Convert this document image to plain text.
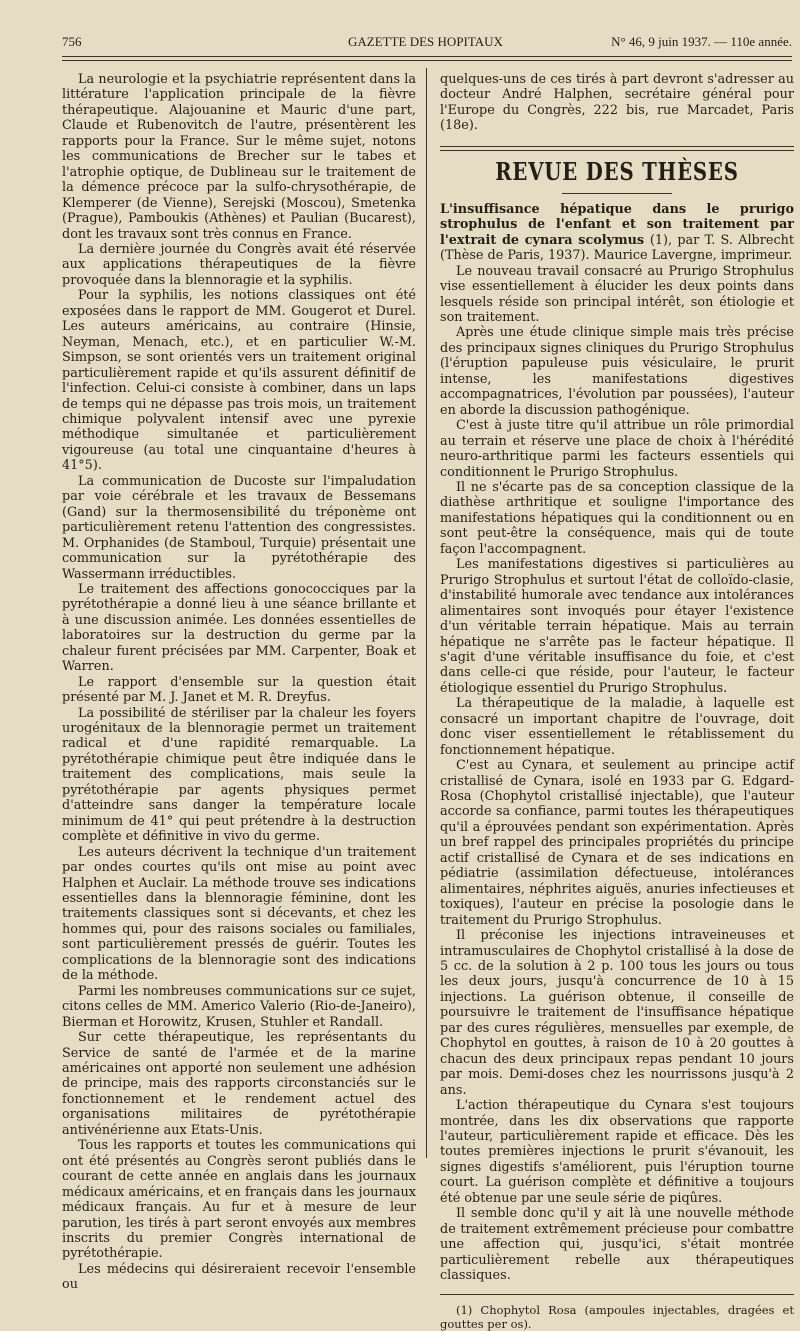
756	GAZETTE DES HOPITAUX	N° 46, 9 juin 1937. — 110e année.

La neurologie et la psychiatrie représentent dans la littérature l'application principale de la fièvre thérapeutique. Alajouanine et Mauric d'une part, Claude et Rubenovitch de l'autre, présentèrent les rapports pour la France. Sur le même sujet, notons les communications de Brecher sur le tabes et l'atrophie optique, de Dublineau sur le traitement de la démence précoce par la sulfo-chrysothérapie, de Klemperer (de Vienne), Serejski (Moscou), Smetenka (Prague), Pamboukis (Athènes) et Paulian (Bucarest), dont les travaux sont très connus en France.

La dernière journée du Congrès avait été réservée aux applications thérapeutiques de la fièvre provoquée dans la blennoragie et la syphilis.

Pour la syphilis, les notions classiques ont été exposées dans le rapport de MM. Gougerot et Durel. Les auteurs américains, au contraire (Hinsie, Neyman, Menach, etc.), et en particulier W.-M. Simpson, se sont orientés vers un traitement original particulièrement rapide et qu'ils assurent définitif de l'infection. Celui-ci consiste à combiner, dans un laps de temps qui ne dépasse pas trois mois, un traitement chimique polyvalent intensif avec une pyrexie méthodique simultanée et particulièrement vigoureuse (au total une cinquantaine d'heures à 41°5).

La communication de Ducoste sur l'impaludation par voie cérébrale et les travaux de Bessemans (Gand) sur la thermosensibilité du tréponème ont particulièrement retenu l'attention des congressistes. M. Orphanides (de Stamboul, Turquie) présentait une communication sur la pyrétothérapie des Wassermann irréductibles.

Le traitement des affections gonococciques par la pyrétothérapie a donné lieu à une séance brillante et à une discussion animée. Les données essentielles de laboratoires sur la destruction du germe par la chaleur furent précisées par MM. Carpenter, Boak et Warren.

Le rapport d'ensemble sur la question était présenté par M. J. Janet et M. R. Dreyfus.

La possibilité de stériliser par la chaleur les foyers urogénitaux de la blennoragie permet un traitement radical et d'une rapidité remarquable. La pyrétothérapie chimique peut être indiquée dans le traitement des complications, mais seule la pyrétothérapie par agents physiques permet d'atteindre sans danger la température locale minimum de 41° qui peut prétendre à la destruction complète et définitive in vivo du germe.

Les auteurs décrivent la technique d'un traitement par ondes courtes qu'ils ont mise au point avec Halphen et Auclair. La méthode trouve ses indications essentielles dans la blennoragie féminine, dont les traitements classiques sont si décevants, et chez les hommes qui, pour des raisons sociales ou familiales, sont particulièrement pressés de guérir. Toutes les complications de la blennoragie sont des indications de la méthode.

Parmi les nombreuses communications sur ce sujet, citons celles de MM. Americo Valerio (Rio-de-Janeiro), Bierman et Horowitz, Krusen, Stuhler et Randall.

Sur cette thérapeutique, les représentants du Service de santé de l'armée et de la marine américaines ont apporté non seulement une adhésion de principe, mais des rapports circonstanciés sur le fonctionnement et le rendement actuel des organisations militaires de pyrétothérapie antivénérienne aux Etats-Unis.

Tous les rapports et toutes les communications qui ont été présentés au Congrès seront publiés dans le courant de cette année en anglais dans les journaux médicaux américains, et en français dans les journaux médicaux français. Au fur et à mesure de leur parution, les tirés à part seront envoyés aux membres inscrits du premier Congrès international de pyrétothérapie.

Les médecins qui désireraient recevoir l'ensemble ou

quelques-uns de ces tirés à part devront s'adresser au docteur André Halphen, secrétaire général pour l'Europe du Congrès, 222 bis, rue Marcadet, Paris (18e).

REVUE DES THÈSES

L'insuffisance hépatique dans le prurigo strophulus de l'enfant et son traitement par l'extrait de cynara scolymus (1), par T. S. Albrecht (Thèse de Paris, 1937). Maurice Lavergne, imprimeur.

Le nouveau travail consacré au Prurigo Strophulus vise essentiellement à élucider les deux points dans lesquels réside son principal intérêt, son étiologie et son traitement.

Après une étude clinique simple mais très précise des principaux signes cliniques du Prurigo Strophulus (l'éruption papuleuse puis vésiculaire, le prurit intense, les manifestations digestives accompagnatrices, l'évolution par poussées), l'auteur en aborde la discussion pathogénique.

C'est à juste titre qu'il attribue un rôle primordial au terrain et réserve une place de choix à l'hérédité neuro-arthritique parmi les facteurs essentiels qui conditionnent le Prurigo Strophulus.

Il ne s'écarte pas de sa conception classique de la diathèse arthritique et souligne l'importance des manifestations hépatiques qui la conditionnent ou en sont peut-être la conséquence, mais qui de toute façon l'accompagnent.

Les manifestations digestives si particulières au Prurigo Strophulus et surtout l'état de colloïdo-clasie, d'instabilité humorale avec tendance aux intolérances alimentaires sont invoqués pour étayer l'existence d'un véritable terrain hépatique. Mais au terrain hépatique ne s'arrête pas le facteur hépatique. Il s'agit d'une véritable insuffisance du foie, et c'est dans celle-ci que réside, pour l'auteur, le facteur étiologique essentiel du Prurigo Strophulus.

La thérapeutique de la maladie, à laquelle est consacré un important chapitre de l'ouvrage, doit donc viser essentiellement le rétablissement du fonctionnement hépatique.

C'est au Cynara, et seulement au principe actif cristallisé de Cynara, isolé en 1933 par G. Edgard-Rosa (Chophytol cristallisé injectable), que l'auteur accorde sa confiance, parmi toutes les thérapeutiques qu'il a éprouvées pendant son expérimentation. Après un bref rappel des principales propriétés du principe actif cristallisé de Cynara et de ses indications en pédiatrie (assimilation défectueuse, intolérances alimentaires, néphrites aiguës, anuries infectieuses et toxiques), l'auteur en précise la posologie dans le traitement du Prurigo Strophulus.

Il préconise les injections intraveineuses et intramusculaires de Chophytol cristallisé à la dose de 5 cc. de la solution à 2 p. 100 tous les jours ou tous les deux jours, jusqu'à concurrence de 10 à 15 injections. La guérison obtenue, il conseille de poursuivre le traitement de l'insuffisance hépatique par des cures régulières, mensuelles par exemple, de Chophytol en gouttes, à raison de 10 à 20 gouttes à chacun des deux principaux repas pendant 10 jours par mois. Demi-doses chez les nourrissons jusqu'à 2 ans.

L'action thérapeutique du Cynara s'est toujours montrée, dans les dix observations que rapporte l'auteur, particulièrement rapide et efficace. Dès les toutes premières injections le prurit s'évanouit, les signes digestifs s'améliorent, puis l'éruption tourne court. La guérison complète et définitive a toujours été obtenue par une seule série de piqûres.

Il semble donc qu'il y ait là une nouvelle méthode de traitement extrêmement précieuse pour combattre une affection qui, jusqu'ici, s'était montrée particulièrement rebelle aux thérapeutiques classiques.

(1) Chophytol Rosa (ampoules injectables, dragées et gouttes per os).
